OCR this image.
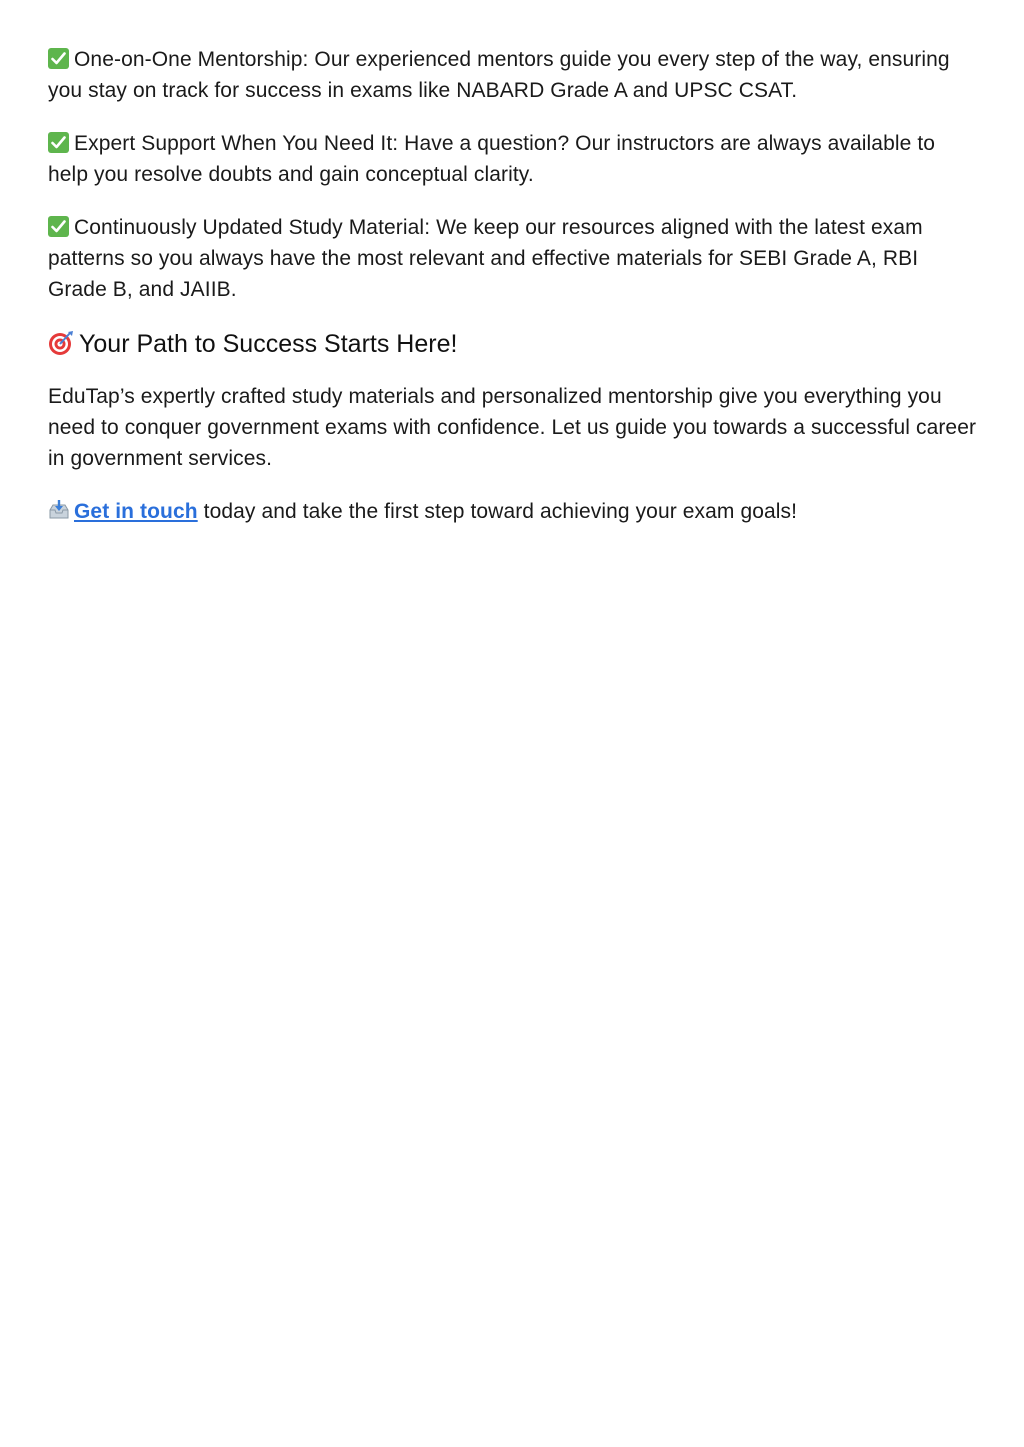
One-on-One Mentorship: Our experienced mentors guide you every step of the way, ensuring you stay on track for success in exams like NABARD Grade A and UPSC CSAT.

Expert Support When You Need It: Have a question? Our instructors are always available to help you resolve doubts and gain conceptual clarity.

Continuously Updated Study Material: We keep our resources aligned with the latest exam patterns so you always have the most relevant and effective materials for SEBI Grade A, RBI Grade B, and JAIIB.

Your Path to Success Starts Here!

EduTap’s expertly crafted study materials and personalized mentorship give you everything you need to conquer government exams with confidence. Let us guide you towards a successful career in government services.

Get in touch today and take the first step toward achieving your exam goals!
